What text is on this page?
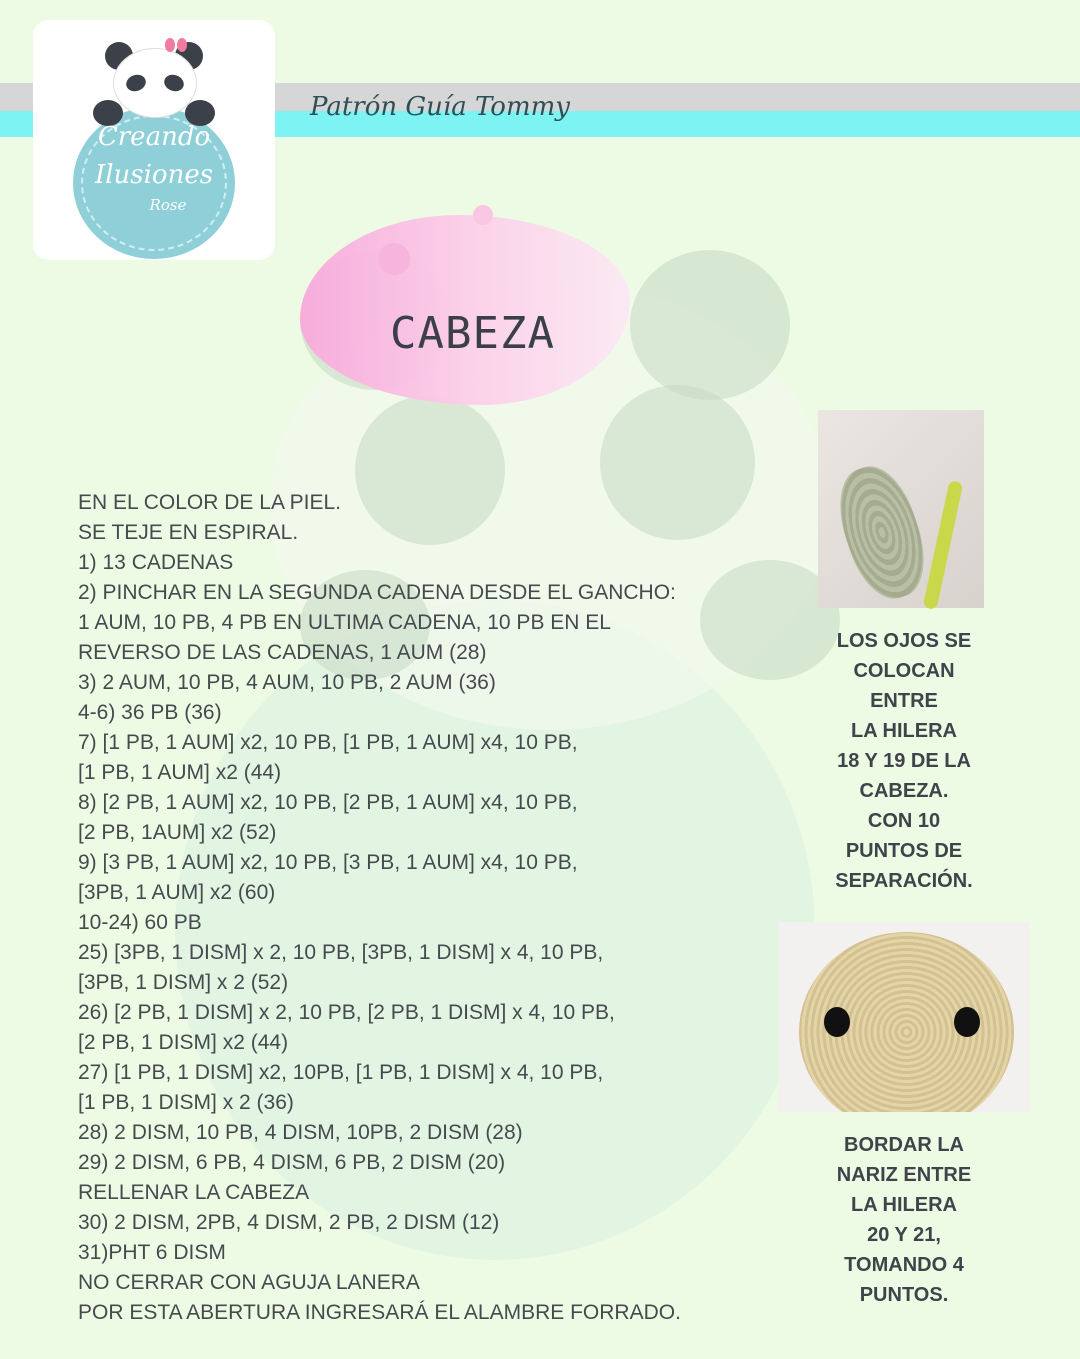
Patrón Guía Tommy
Creando
Ilusiones
Rose
CABEZA
EN EL COLOR DE LA PIEL.
SE TEJE EN ESPIRAL.
1) 13 CADENAS
2) PINCHAR EN LA SEGUNDA CADENA DESDE EL GANCHO:
1 AUM, 10 PB, 4 PB EN ULTIMA CADENA, 10 PB EN EL
REVERSO DE LAS CADENAS, 1 AUM (28)
3) 2 AUM, 10 PB, 4 AUM, 10 PB, 2 AUM (36)
4-6) 36 PB (36)
7) [1 PB, 1 AUM] x2, 10 PB, [1 PB, 1 AUM] x4, 10 PB,
[1 PB, 1 AUM] x2 (44)
8) [2 PB, 1 AUM] x2, 10 PB, [2 PB, 1 AUM] x4, 10 PB,
[2 PB, 1AUM] x2 (52)
9) [3 PB, 1 AUM] x2, 10 PB, [3 PB, 1 AUM] x4, 10 PB,
[3PB, 1 AUM] x2 (60)
10-24) 60 PB
25) [3PB, 1 DISM] x 2, 10 PB, [3PB, 1 DISM] x 4, 10 PB,
[3PB, 1 DISM] x 2 (52)
26) [2 PB, 1 DISM] x 2, 10 PB, [2 PB, 1 DISM] x 4, 10 PB,
[2 PB, 1 DISM] x2 (44)
27) [1 PB, 1 DISM] x2, 10PB, [1 PB, 1 DISM] x 4, 10 PB,
[1 PB, 1 DISM] x 2 (36)
28) 2 DISM, 10 PB, 4 DISM, 10PB, 2 DISM (28)
29) 2 DISM, 6 PB, 4 DISM, 6 PB, 2 DISM (20)
RELLENAR LA CABEZA
30) 2 DISM, 2PB, 4 DISM, 2 PB, 2 DISM (12)
31)PHT 6 DISM
NO CERRAR CON AGUJA LANERA
POR ESTA ABERTURA INGRESARÁ EL ALAMBRE FORRADO.
LOS OJOS SE
COLOCAN
ENTRE
LA HILERA
18 Y 19 DE LA
CABEZA.
CON 10
PUNTOS DE
SEPARACIÓN.
BORDAR LA
NARIZ ENTRE
LA HILERA
20 Y 21,
TOMANDO 4
PUNTOS.
